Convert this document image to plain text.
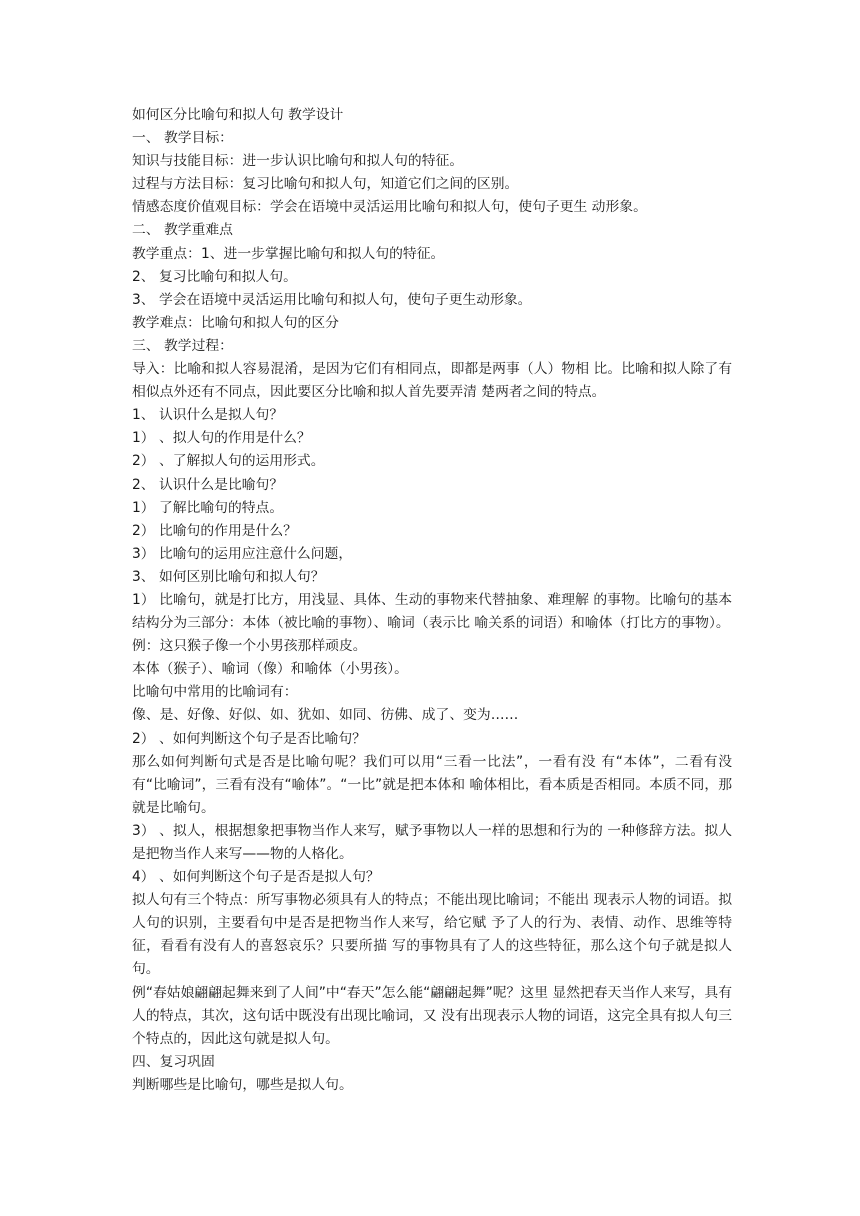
如何区分比喻句和拟人句 教学设计
一、 教学目标：
知识与技能目标：进一步认识比喻句和拟人句的特征。
过程与方法目标：复习比喻句和拟人句，知道它们之间的区别。
情感态度价值观目标：学会在语境中灵活运用比喻句和拟人句，使句子更生 动形象。
二、 教学重难点
教学重点：1、进一步掌握比喻句和拟人句的特征。
2、 复习比喻句和拟人句。
3、 学会在语境中灵活运用比喻句和拟人句，使句子更生动形象。
教学难点：比喻句和拟人句的区分
三、 教学过程：
导入：比喻和拟人容易混淆，是因为它们有相同点，即都是两事（人）物相 比。比喻和拟人除了有相似点外还有不同点，因此要区分比喻和拟人首先要弄清 楚两者之间的特点。
1、 认识什么是拟人句？
1） 、拟人句的作用是什么？
2） 、了解拟人句的运用形式。
2、 认识什么是比喻句？
1） 了解比喻句的特点。
2） 比喻句的作用是什么？
3） 比喻句的运用应注意什么问题，
3、 如何区别比喻句和拟人句？
1） 比喻句，就是打比方，用浅显、具体、生动的事物来代替抽象、难理解 的事物。比喻句的基本结构分为三部分：本体（被比喻的事物）、喻词（表示比 喻关系的词语）和喻体（打比方的事物）。
例：这只猴子像一个小男孩那样顽皮。
本体（猴子）、喻词（像）和喻体（小男孩）。
比喻句中常用的比喻词有：
像、是、好像、好似、如、犹如、如同、彷佛、成了、变为……
2） 、如何判断这个句子是否比喻句？
那么如何判断句式是否是比喻句呢？我们可以用“三看一比法”，一看有没 有“本体”，二看有没有“比喻词”，三看有没有“喻体”。“一比”就是把本体和 喻体相比，看本质是否相同。本质不同，那就是比喻句。
3） 、拟人，根据想象把事物当作人来写，赋予事物以人一样的思想和行为的 一种修辞方法。拟人是把物当作人来写——物的人格化。
4） 、如何判断这个句子是否是拟人句？
拟人句有三个特点：所写事物必须具有人的特点；不能出现比喻词；不能出 现表示人物的词语。拟人句的识别，主要看句中是否是把物当作人来写，给它赋 予了人的行为、表情、动作、思维等特征，看看有没有人的喜怒哀乐？只要所描 写的事物具有了人的这些特征，那么这个句子就是拟人句。
例“春姑娘翩翩起舞来到了人间”中“春天”怎么能“翩翩起舞”呢？这里 显然把春天当作人来写，具有人的特点，其次，这句话中既没有出现比喻词，又 没有出现表示人物的词语，这完全具有拟人句三个特点的，因此这句就是拟人句。
四、复习巩固
判断哪些是比喻句，哪些是拟人句。
